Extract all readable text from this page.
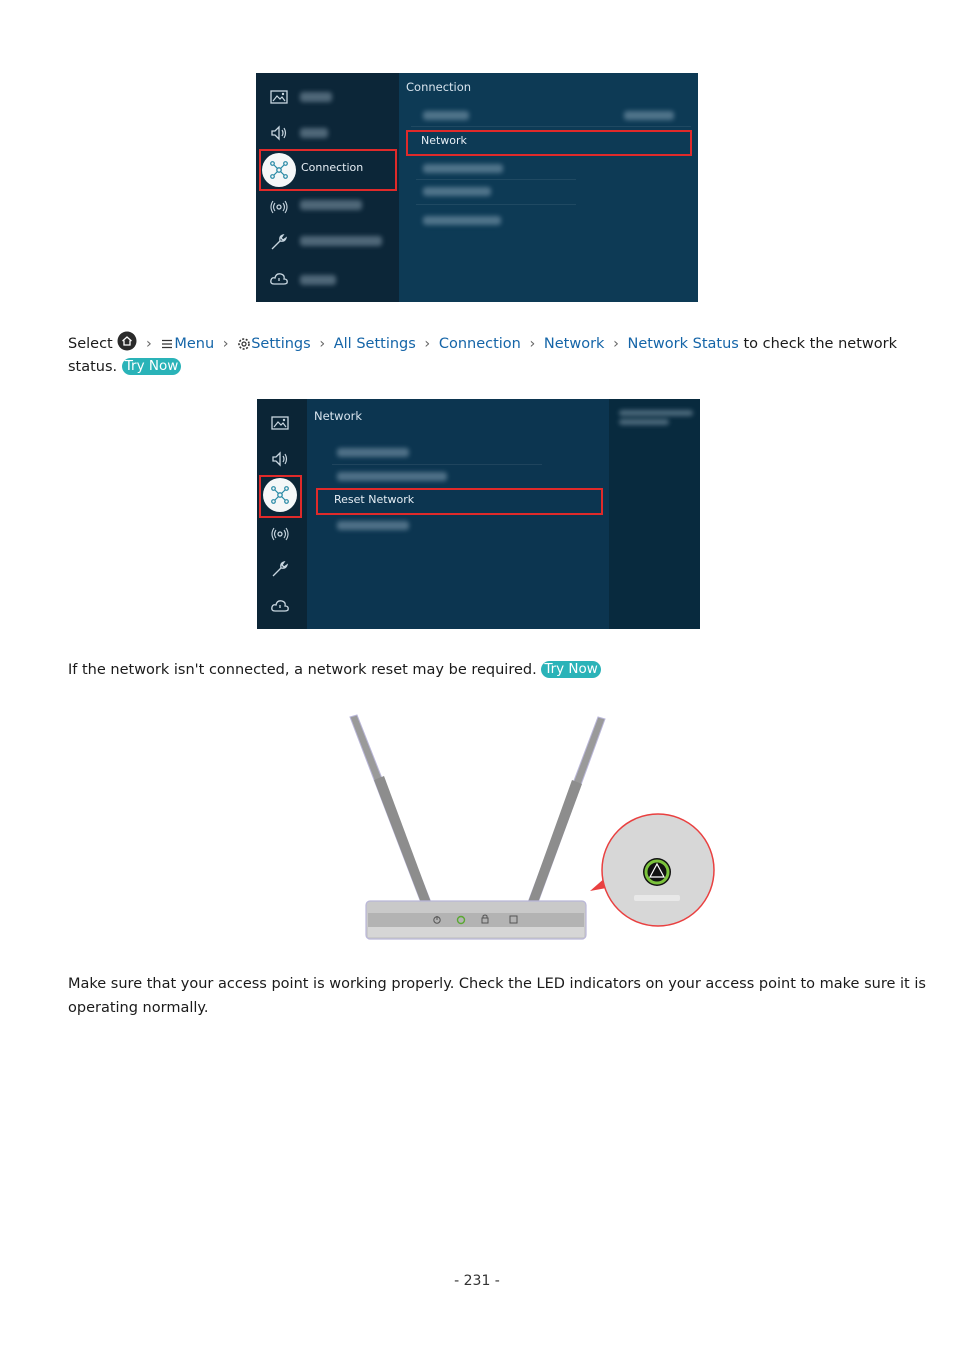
Connection
Connection
Network
Select › Menu › Settings › All Settings › Connection › Network › Network Status to check the network
status. Try Now
Network
Reset Network
If the network isn't connected, a network reset may be required. Try Now
Make sure that your access point is working properly. Check the LED indicators on your access point to make sure it is
operating normally.
- 231 -
